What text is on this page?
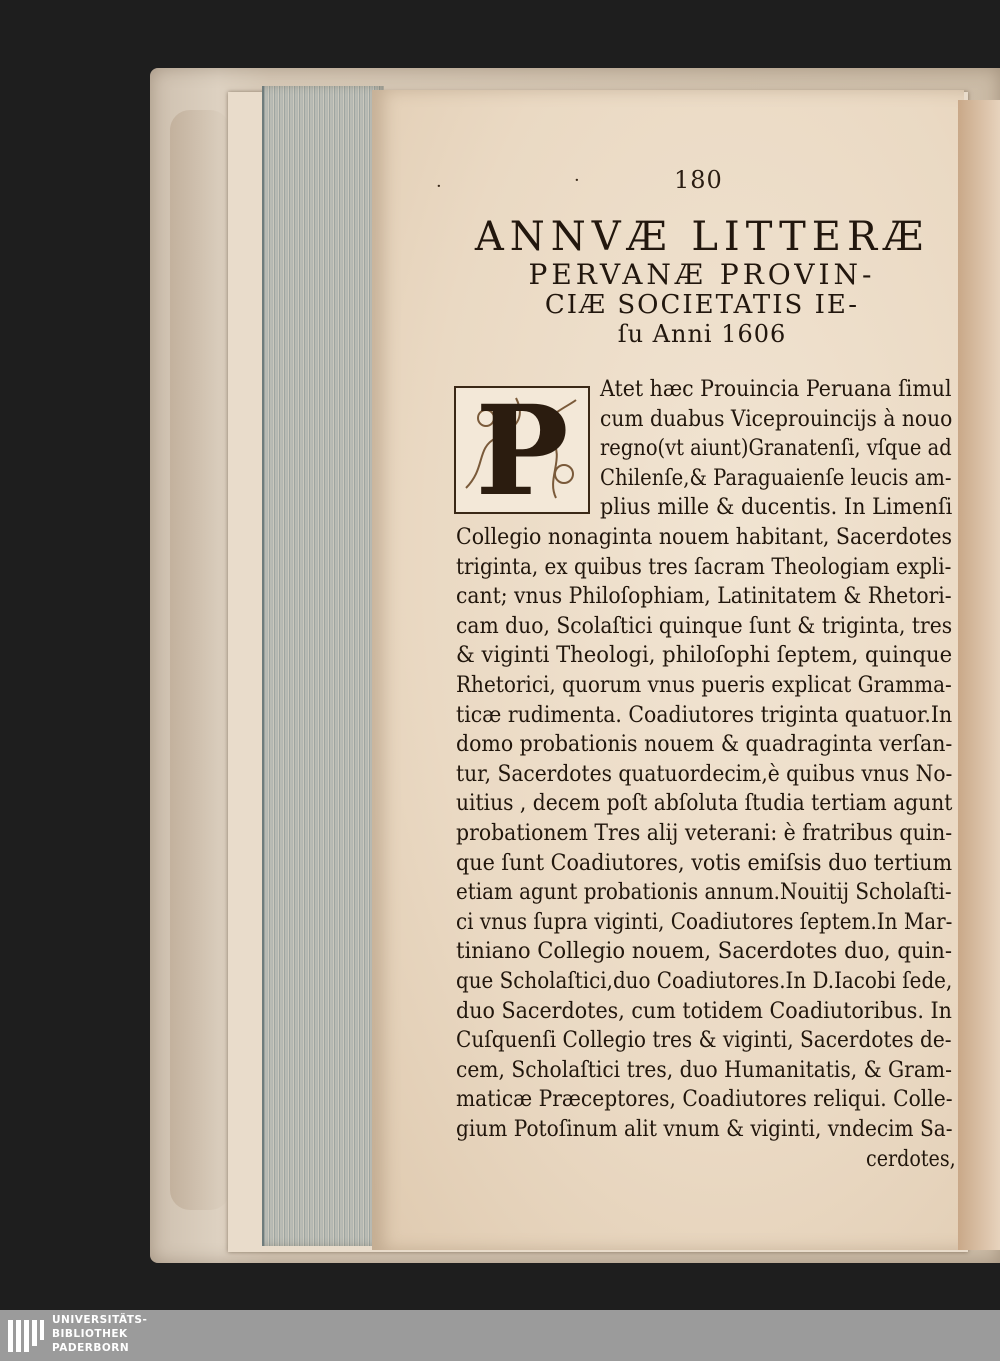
·	·	180
ANNVÆ LITTERÆ
PERVANÆ PROVIN-
CIÆ SOCIETATIS IE-
ſu Anni 1606
P	Atet hæc Prouincia Peruana ſimul
cum duabus Viceprouincijs à nouo
regno(vt aiunt)Granatenſi, vſque ad
Chilenſe,& Paraguaienſe leucis am-
plius mille & ducentis. In Limenſi
Collegio nonaginta nouem habitant, Sacerdotes
triginta, ex quibus tres ſacram Theologiam expli-
cant; vnus Philoſophiam, Latinitatem & Rhetori-
cam duo, Scolaſtici quinque ſunt & triginta, tres
& viginti Theologi, philoſophi ſeptem, quinque
Rhetorici, quorum vnus pueris explicat Gramma-
ticæ rudimenta. Coadiutores triginta quatuor.In
domo probationis nouem & quadraginta verſan-
tur, Sacerdotes quatuordecim,è quibus vnus No-
uitius , decem poſt abſoluta ſtudia tertiam agunt
probationem Tres alij veterani: è fratribus quin-
que ſunt Coadiutores, votis emiſsis duo tertium
etiam agunt probationis annum.Nouitij Scholaſti-
ci vnus ſupra viginti, Coadiutores ſeptem.In Mar-
tiniano Collegio nouem, Sacerdotes duo, quin-
que Scholaſtici,duo Coadiutores.In D.Iacobi ſede,
duo Sacerdotes, cum totidem Coadiutoribus. In
Cuſquenſi Collegio tres & viginti, Sacerdotes de-
cem, Scholaſtici tres, duo Humanitatis, & Gram-
maticæ Præceptores, Coadiutores reliqui. Colle-
gium Potoſinum alit vnum & viginti, vndecim Sa-
cerdotes,
UNIVERSITÄTS-
BIBLIOTHEK
PADERBORN
